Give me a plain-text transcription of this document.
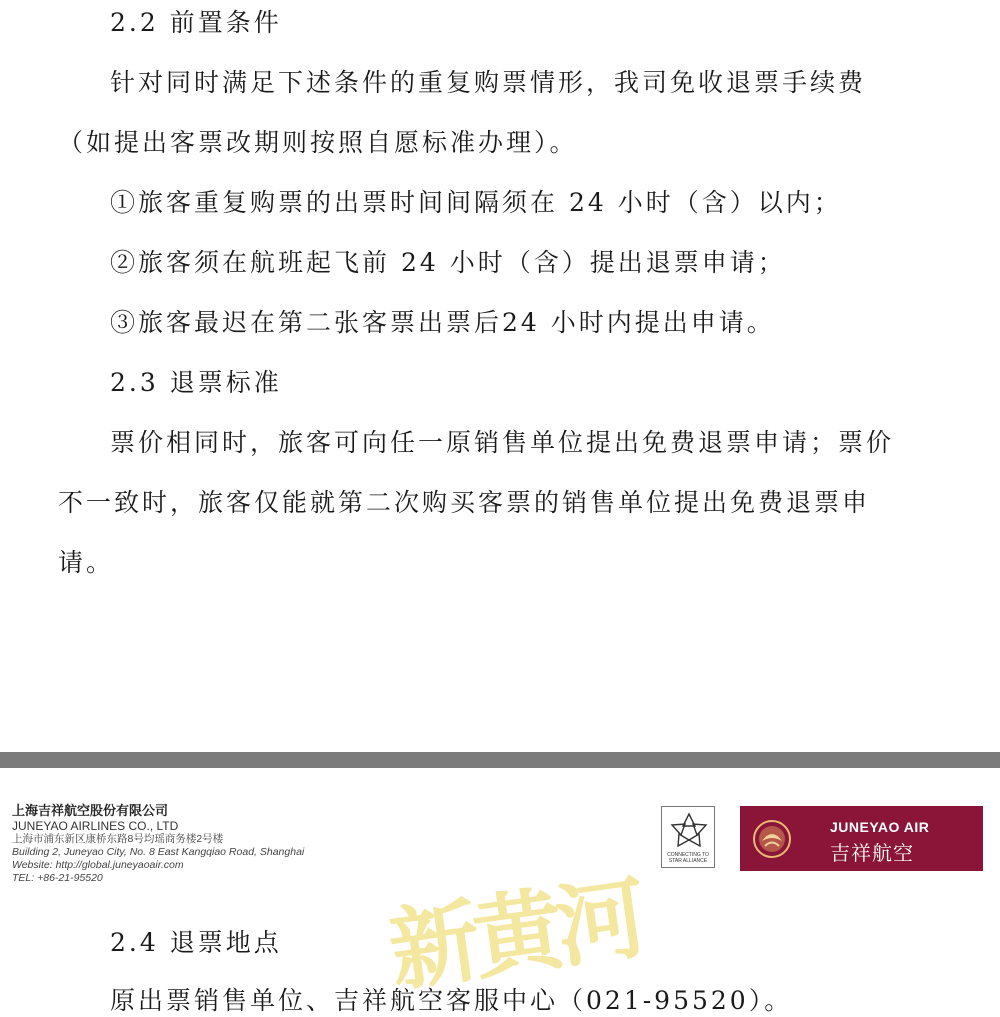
2.2 前置条件
针对同时满足下述条件的重复购票情形，我司免收退票手续费
（如提出客票改期则按照自愿标准办理）。
①旅客重复购票的出票时间间隔须在 24 小时（含）以内；
②旅客须在航班起飞前 24 小时（含）提出退票申请；
③旅客最迟在第二张客票出票后24 小时内提出申请。
2.3 退票标准
票价相同时，旅客可向任一原销售单位提出免费退票申请；票价
不一致时，旅客仅能就第二次购买客票的销售单位提出免费退票申
请。
2.4 退票地点
原出票销售单位、吉祥航空客服中心（021-95520）。
上海吉祥航空股份有限公司
JUNEYAO AIRLINES CO., LTD
上海市浦东新区康桥东路8号均瑶商务楼2号楼
Building 2, Juneyao City, No. 8 East Kangqiao Road, Shanghai
Website: http://global.juneyaoair.com
TEL: +86-21-95520
CONNECTING TO STAR ALLIANCE
JUNEYAO AIR
吉祥航空
新黄河
